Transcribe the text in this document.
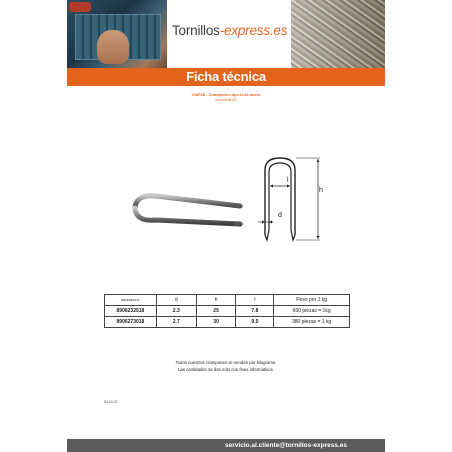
Tornillos-express.es
Ficha técnica
VSIF08 - Crampones tipo U de acero
Inoxidable A2
l
h
d
REFERENCIA	d	h	l	Peso por 1 kg
8906232518	2.3	25	7.8	600 piezas = 1kg
8906273018	2.7	30	9.5	380 piezas = 1 kg
Todos nuestros crampones se venden por kilogramo.
Las cantidades se dan sólo con fines informativos.
04.10.22
servicio.al.cliente@tornillos-express.es
